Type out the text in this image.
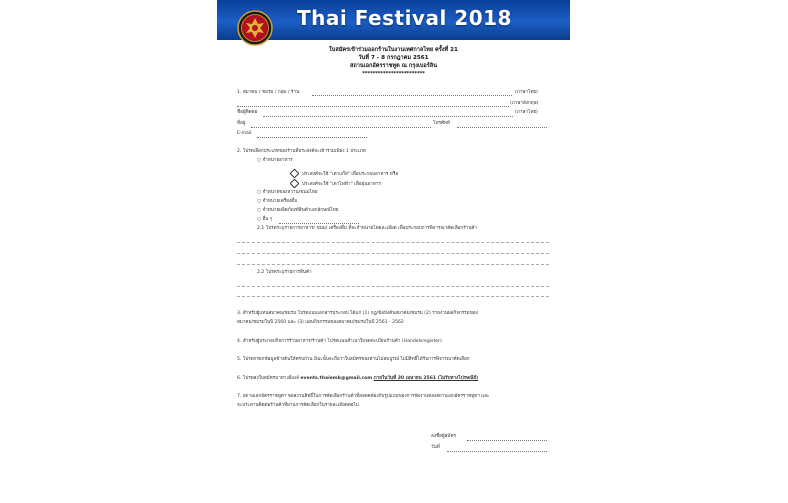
Thai Festival 2018
ใบสมัครเข้าร่วมออกร้านในงานเทศกาลไทย ครั้งที่ 21
วันที่ 7 - 8 กรกฎาคม 2561
สถานเอกอัครราชทูต ณ กรุงเบอร์ลิน
************************
1. สมาคม / ชมรม / กลุ่ม / ร้าน	(ภาษาไทย)
(ภาษาอังกฤษ)
ชื่อผู้ติดต่อ	(ภาษาไทย)
ที่อยู่	โทรศัพท์
E-mail
2. โปรดเลือกประเภทของร้านที่ประสงค์จะเข้าร่วมเพียง 1 ประเภท
○ จำหน่ายอาหาร
ประสงค์จะใช้ "เตาแก๊ส" เพื่อประกอบอาหาร หรือ
ประสงค์จะใช้ "เตาไฟฟ้า" เพื่ออุ่นอาหาร
○ จำหน่ายของหวาน/ขนมไทย
○ จำหน่ายเครื่องดื่ม
○ จำหน่ายผลิตภัณฑ์สินค้าเอกลักษณ์ไทย
○ อื่น ๆ
2.1 โปรดระบุรายการอาหาร/ ขนม/ เครื่องดื่ม ที่จะจำหน่ายโดยละเอียด เพื่อประกอบการพิจารณาคัดเลือกร้านค้า
2.2 โปรดระบุรายการสินค้า
3. สำหรับผู้แทนสมาคม/ชมรม โปรดแนบเอกสารประกอบ ได้แก่ (1) กฎ/ข้อบังคับสมาคม/ชมรม (2) รายงานผลกิจกรรมของ
สมาคม/ชมรมในปี 2560 และ (3) แผนกิจกรรมของสมาคม/ชมรมในปี 2561 - 2562
4. สำหรับผู้ประกอบกิจการร้านอาหาร/ร้านค้า โปรดแนบสำเนาใบจดทะเบียนร้านค้า (Handelsregister)
5. โปรดกรอกข้อมูลข้างต้นให้ครบถ้วน มิฉะนั้นจะถือว่าใบสมัครของท่านไม่สมบูรณ์ ไม่มีสิทธิ์ได้รับการพิจารณาคัดเลือก
6. โปรดส่งใบสมัครมาทางอีเมล์ events.thaiemb@gmail.com ภายในวันที่ 30 เมษายน 2561 (ไม่รับทางไปรษณีย์)
7. สถานเอกอัครราชทูตฯ ขอสงวนสิทธิ์ในการคัดเลือกร้านค้าที่สอดคล้องกับรูปแบบของการจัดงานของสถานเอกอัครราชทูตฯ และ
จะประสานติดต่อร้านค้าที่ผ่านการคัดเลือกในรายละเอียดต่อไป
ลงชื่อผู้สมัคร
วันที่
